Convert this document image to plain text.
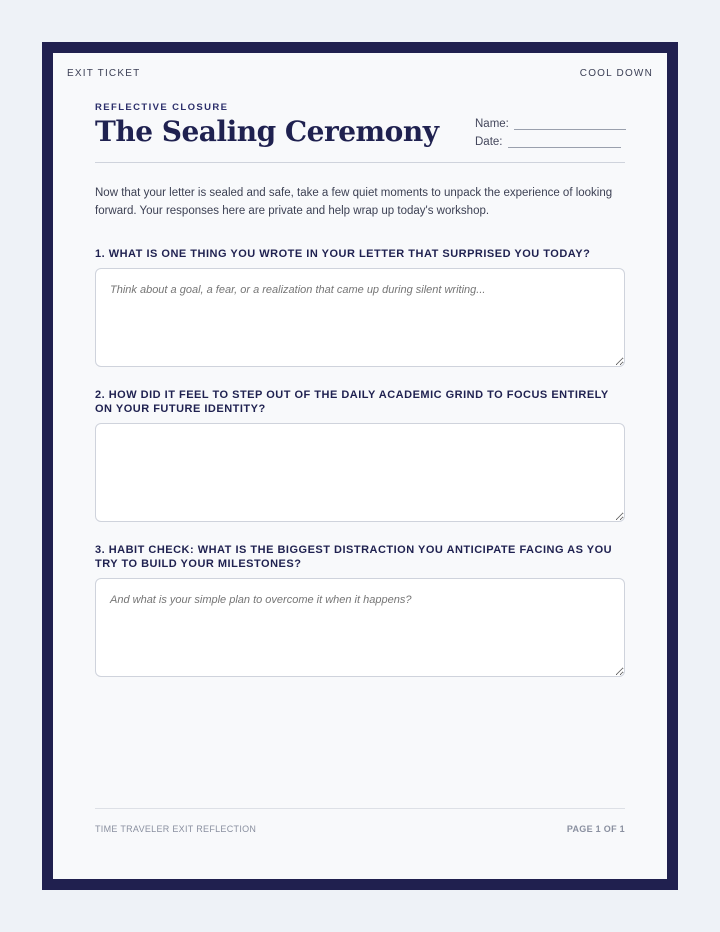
EXIT TICKET	COOL DOWN
REFLECTIVE CLOSURE
The Sealing Ceremony	Name:
Date:
Now that your letter is sealed and safe, take a few quiet moments to unpack the experience of looking forward. Your responses here are private and help wrap up today's workshop.
1. WHAT IS ONE THING YOU WROTE IN YOUR LETTER THAT SURPRISED YOU TODAY?
Think about a goal, a fear, or a realization that came up during silent writing...
2. HOW DID IT FEEL TO STEP OUT OF THE DAILY ACADEMIC GRIND TO FOCUS ENTIRELY ON YOUR FUTURE IDENTITY?
3. HABIT CHECK: WHAT IS THE BIGGEST DISTRACTION YOU ANTICIPATE FACING AS YOU TRY TO BUILD YOUR MILESTONES?
And what is your simple plan to overcome it when it happens?
TIME TRAVELER EXIT REFLECTION	PAGE 1 OF 1
